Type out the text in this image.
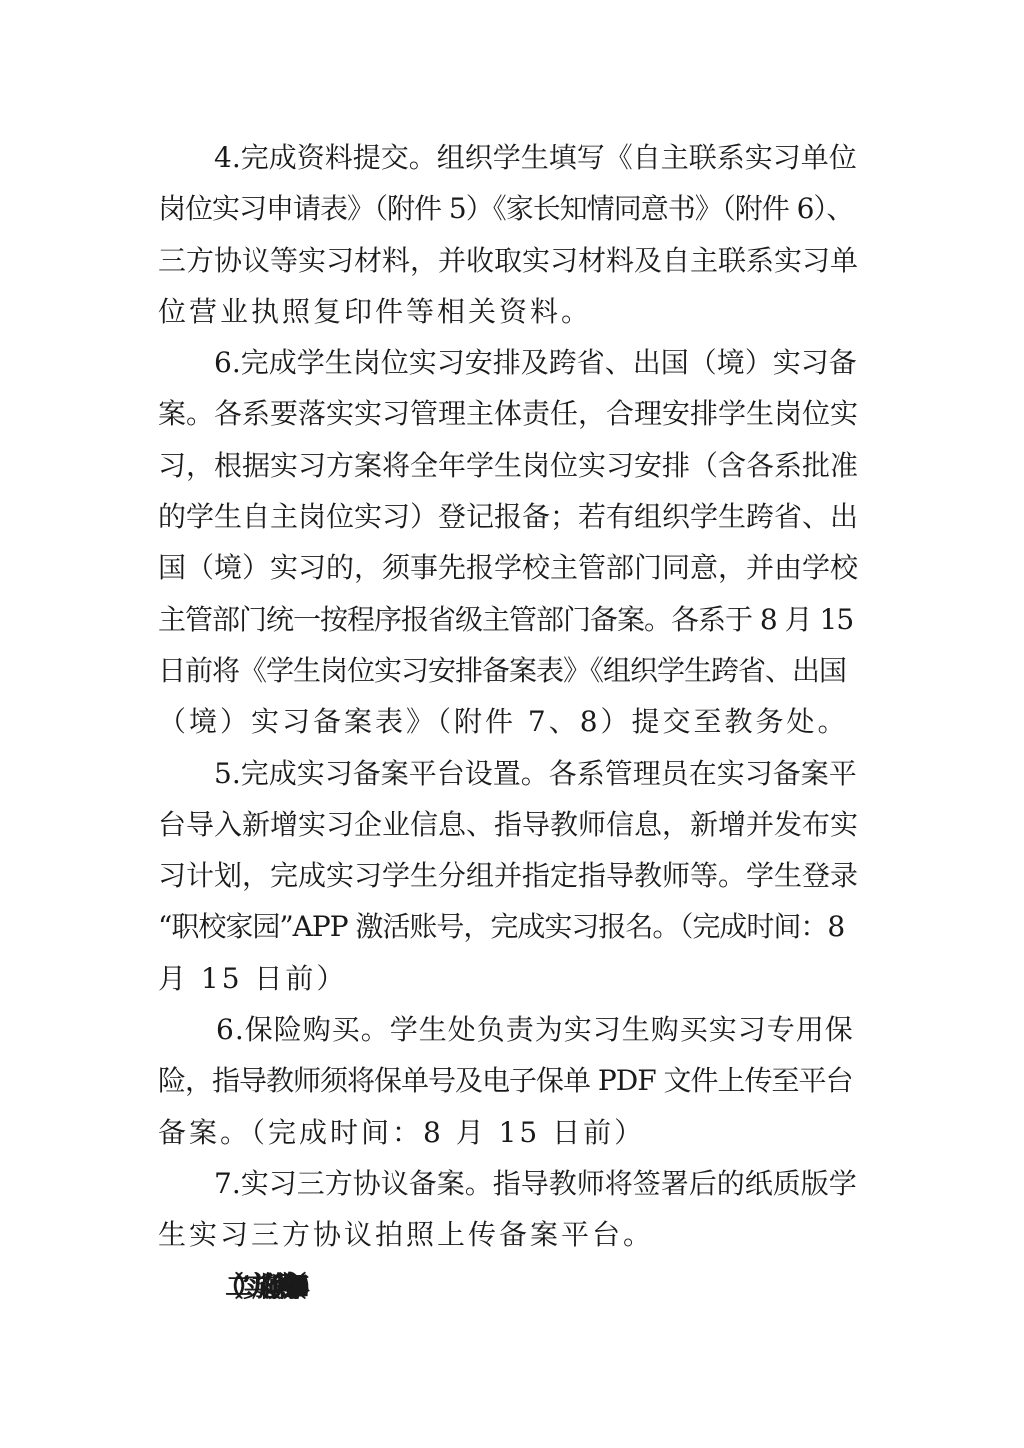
　　4.完成资料提交。组织学生填写《自主联系实习单位
岗位实习申请表》（附件 5）《家长知情同意书》（附件 6）、
三方协议等实习材料，并收取实习材料及自主联系实习单
位营业执照复印件等相关资料。
　　6.完成学生岗位实习安排及跨省、出国（境）实习备
案。各系要落实实习管理主体责任，合理安排学生岗位实
习，根据实习方案将全年学生岗位实习安排（含各系批准
的学生自主岗位实习）登记报备；若有组织学生跨省、出
国（境）实习的，须事先报学校主管部门同意，并由学校
主管部门统一按程序报省级主管部门备案。各系于 8 月 15
日前将《学生岗位实习安排备案表》《组织学生跨省、出国
（境）实习备案表》（附件 7、8）提交至教务处。
　　5.完成实习备案平台设置。各系管理员在实习备案平
台导入新增实习企业信息、指导教师信息，新增并发布实
习计划，完成实习学生分组并指定指导教师等。学生登录
“职校家园”APP 激活账号，完成实习报名。（完成时间：8
月 15 日前）
　　6.保险购买。学生处负责为实习生购买实习专用保
险，指导教师须将保单号及电子保单 PDF 文件上传至平台
备案。（完成时间：8 月 15 日前）
　　7.实习三方协议备案。指导教师将签署后的纸质版学
生实习三方协议拍照上传备案平台。
（二）实施阶段（2024 年 9 月—2025 年 4 月）
